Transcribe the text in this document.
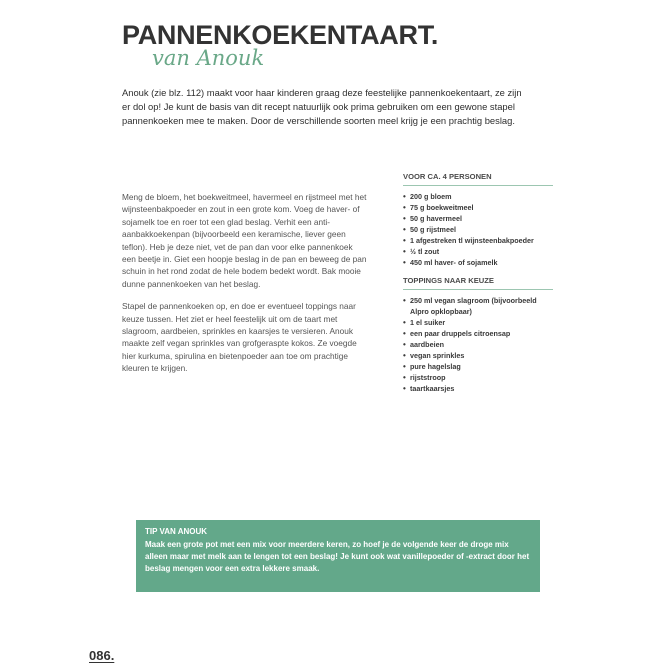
PANNENKOEKENTAART.
van Anouk

Anouk (zie blz. 112) maakt voor haar kinderen graag deze feestelijke pannenkoekentaart, ze zijn er dol op! Je kunt de basis van dit recept natuurlijk ook prima gebruiken om een gewone stapel pannenkoeken mee te maken. Door de verschillende soorten meel krijg je een prachtig beslag.

Meng de bloem, het boekweitmeel, havermeel en rijstmeel met het wijnsteenbakpoeder en zout in een grote kom. Voeg de haver- of sojamelk toe en roer tot een glad beslag. Verhit een anti-aanbakkoekenpan (bijvoorbeeld een keramische, liever geen teflon). Heb je deze niet, vet de pan dan voor elke pannenkoek een beetje in. Giet een hoopje beslag in de pan en beweeg de pan schuin in het rond zodat de hele bodem bedekt wordt. Bak mooie dunne pannenkoeken van het beslag.

Stapel de pannenkoeken op, en doe er eventueel toppings naar keuze tussen. Het ziet er heel feestelijk uit om de taart met slagroom, aardbeien, sprinkles en kaarsjes te versieren. Anouk maakte zelf vegan sprinkles van grofgeraspte kokos. Ze voegde hier kurkuma, spirulina en bietenpoeder aan toe om prachtige kleuren te krijgen.

VOOR CA. 4 PERSONEN
• 200 g bloem
• 75 g boekweitmeel
• 50 g havermeel
• 50 g rijstmeel
• 1 afgestreken tl wijnsteenbakpoeder
• ½ tl zout
• 450 ml haver- of sojamelk
TOPPINGS NAAR KEUZE
• 250 ml vegan slagroom (bijvoorbeeld Alpro opklopbaar)
• 1 el suiker
• een paar druppels citroensap
• aardbeien
• vegan sprinkles
• pure hagelslag
• rijststroop
• taartkaarsjes
TIP VAN ANOUK

Maak een grote pot met een mix voor meerdere keren, zo hoef je de volgende keer de droge mix alleen maar met melk aan te lengen tot een beslag! Je kunt ook wat vanillepoeder of -extract door het beslag mengen voor een extra lekkere smaak.

086.
